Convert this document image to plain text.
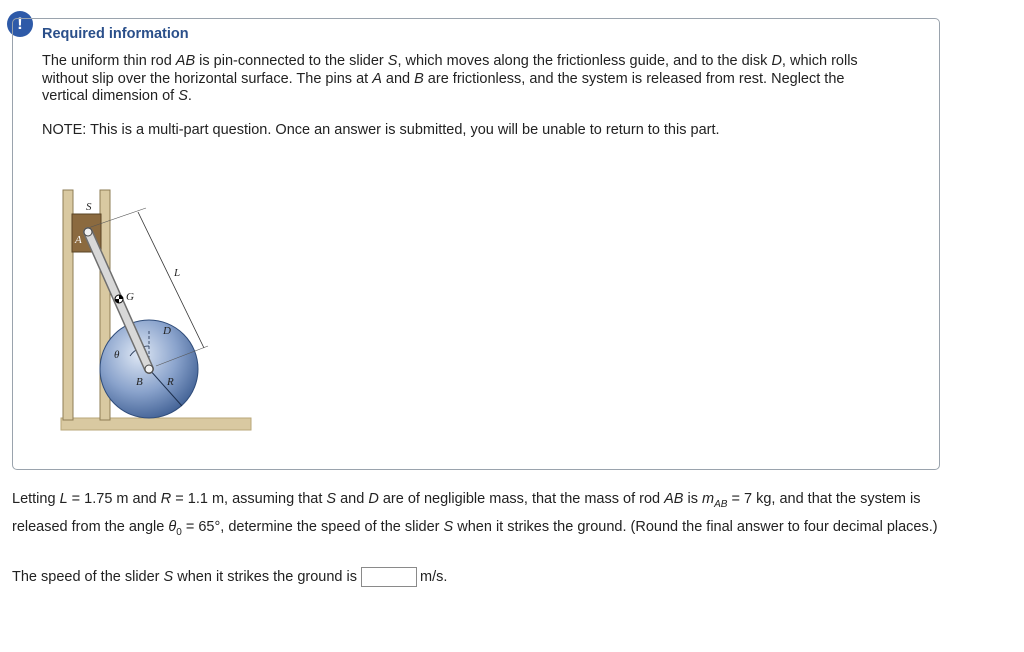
!
Required information

The uniform thin rod AB is pin-connected to the slider S, which moves along the frictionless guide, and to the disk D, which rolls without slip over the horizontal surface. The pins at A and B are frictionless, and the system is released from rest. Neglect the vertical dimension of S.

NOTE: This is a multi-part question. Once an answer is submitted, you will be unable to return to this part.

S
A
G
L
D
θ
B R

Letting L = 1.75 m and R = 1.1 m, assuming that S and D are of negligible mass, that the mass of rod AB is $m_{AB} = 7$ kg, and that the system is released from the angle $\theta_0 = 65^\circ$, determine the speed of the slider S when it strikes the ground. (Round the final answer to four decimal places.)

The speed of the slider S when it strikes the ground is	m/s.
